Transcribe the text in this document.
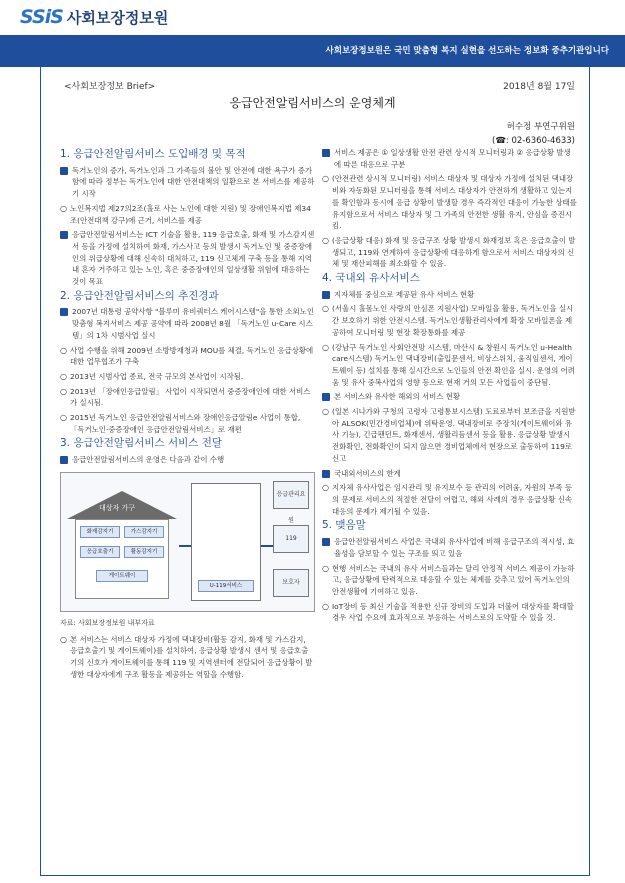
SSiS 사회보장정보원
사회보장정보원은 국민 맞춤형 복지 실현을 선도하는 정보화 중추기관입니다
<사회보장정보 Brief>	2018년 8월 17일
응급안전알림서비스의 운영체계
허수정 부연구위원
(☎: 02-6360-4633)
1. 응급안전알림서비스 도입배경 및 목적

독거노인의 증가, 독거노인과 그 가족들의 불안 및 안전에 대한 욕구가 증가함에 따라 정부는 독거노인에 대한 안전대책의 일환으로 본 서비스를 제공하기 시작

○ 노인복지법 제27의2조(홀로 사는 노인에 대한 지원) 및 장애인복지법 제34조(안전대책 강구)에 근거, 서비스를 제공

응급안전알림서비스는 ICT 기술을 활용, 119 응급호출, 화재 및 가스감지센서 등을 가정에 설치하여 화재, 가스사고 등의 발생시 독거노인 및 중증장애인의 위급상황에 대해 신속히 대처하고, 119 신고체계 구축 등을 통해 지역 내 혼자 거주하고 있는 노인, 혹은 중증장애인의 일상생활 위험에 대응하는 것이 목표

2. 응급안전알림서비스의 추진경과

2007년 대통령 공약사항 "블루미 유비쿼터스 케어시스템"을 통한 소외노인 맞춤형 복지서비스 제공 공약에 따라 2008년 8월 「독거노인 u-Care 시스템」의 1차 시범사업 실시

○ 사업 수행을 위해 2009년 소방방재청과 MOU를 체결, 독거노인 응급상황에 대한 업무협조가 구축

○ 2013년 시범사업 종료, 전국 규모의 본사업이 시작됨.

○ 2013년 「장애인응급알림」 사업이 시작되면서 중증장애인에 대한 서비스가 실시됨.

○ 2015년 독거노인 응급안전알림서비스와 장애인응급알림e 사업이 통합, 「독거노인·중증장애인 응급안전알림서비스」로 재편

3. 응급안전알림서비스 서비스 전달

응급안전알림서비스의 운영은 다음과 같이 수행

대상자 가구
화재감지기	가스감지기
응급호출기	활동감지기
게이트웨이
U-119서비스
응급관리요원
119
보호자
자료: 사회보장정보원 내부자료
○ 본 서비스는 서비스 대상자 가정에 댁내장비(활동 감지, 화재 및 가스감지, 응급호출기 및 게이트웨이)를 설치하여, 응급상황 발생시 센서 및 응급호출기의 신호가 게이트웨이를 통해 119 및 지역센터에 전달되어 응급상황이 발생한 대상자에게 구조 활동을 제공하는 역할을 수행함.

서비스 제공은 ① 일상생활 안전 관련 상시적 모니터링과 ② 응급상황 발생에 따른 대응으로 구분

○ (안전관련 상시적 모니터링) 서비스 대상자 및 대상자 가정에 설치된 댁내장비와 자동화된 모니터링을 통해 서비스 대상자가 안전하게 생활하고 있는지를 확인함과 동시에 응급 상황이 발생할 경우 즉각적인 대응이 가능한 상태를 유지함으로서 서비스 대상자 및 그 가족의 안전한 생활 유지, 안심을 증진시킴.

○ (응급상황 대응) 화재 및 응급구조 상황 발생시 화재정보 혹은 응급호출이 발생되고, 119와 연계하여 응급상황에 대응하게 함으로서 서비스 대상자의 신체 및 재산피해를 최소화할 수 있음.

4. 국내외 유사서비스

지자체를 중심으로 제공된 유사 서비스 현황

○ (서울시 홀몸노인 사랑의 안심폰 지원사업) 모바일을 활용, 독거노인을 실시간 보호하기 위한 안전시스템. 독거노인생활관리사에게 확장 모바일폰을 제공하여 모니터링 및 현장 확장통화를 제공

○ (강남구 독거노인 사회안전망 시스템, 마산시 & 창원시 독거노인 u-Health care시스템) 독거노인 댁내장비(출입문센서, 비상스위치, 움직임센서, 게이트웨이 등) 설치를 통해 실시간으로 노인들의 안전 확인을 실시. 운영의 어려움 및 유사 중복사업의 영향 등으로 현재 거의 모든 사업들이 중단됨.

본 서비스와 유사한 해외의 서비스 현황

○ (일본 시나가와 구청의 고령자 고령통보시스템) 도료로부터 보조금을 지원받아 ALSOK(민간경비업체)에 위탁운영. 댁내장비로 주장치(게이트웨이와 유사 기능), 긴급팬던트, 화재센서, 생활리듬센서 등을 활용. 응급상황 발생시 전화확인, 전화확인이 되지 않으면 경비업체에서 현장으로 출동하여 119로 신고

국내외서비스의 한계

○ 지자체 유사사업은 임시관리 및 유지보수 등 관리의 어려움, 자원의 부족 등의 문제로 서비스의 적절한 전달이 어렵고, 해외 사례의 경우 응급상황 신속 대응의 문제가 제기될 수 있음.

5. 맺음말

응급안전알림서비스 사업은 국내외 유사사업에 비해 응급구조의 적시성, 효율성을 담보할 수 있는 구조를 띄고 있음

○ 현행 서비스는 국내의 유사 서비스들과는 달리 안정적 서비스 제공이 가능하고, 응급상황에 탄력적으로 대응할 수 있는 체계를 갖추고 있어 독거노인의 안전생활에 기여하고 있음.

○ IoT장비 등 최신 기술을 적용한 신규 장비의 도입과 더불어 대상자를 확대할 경우 사업 수요에 효과적으로 부응하는 서비스로의 도약할 수 있을 것.
